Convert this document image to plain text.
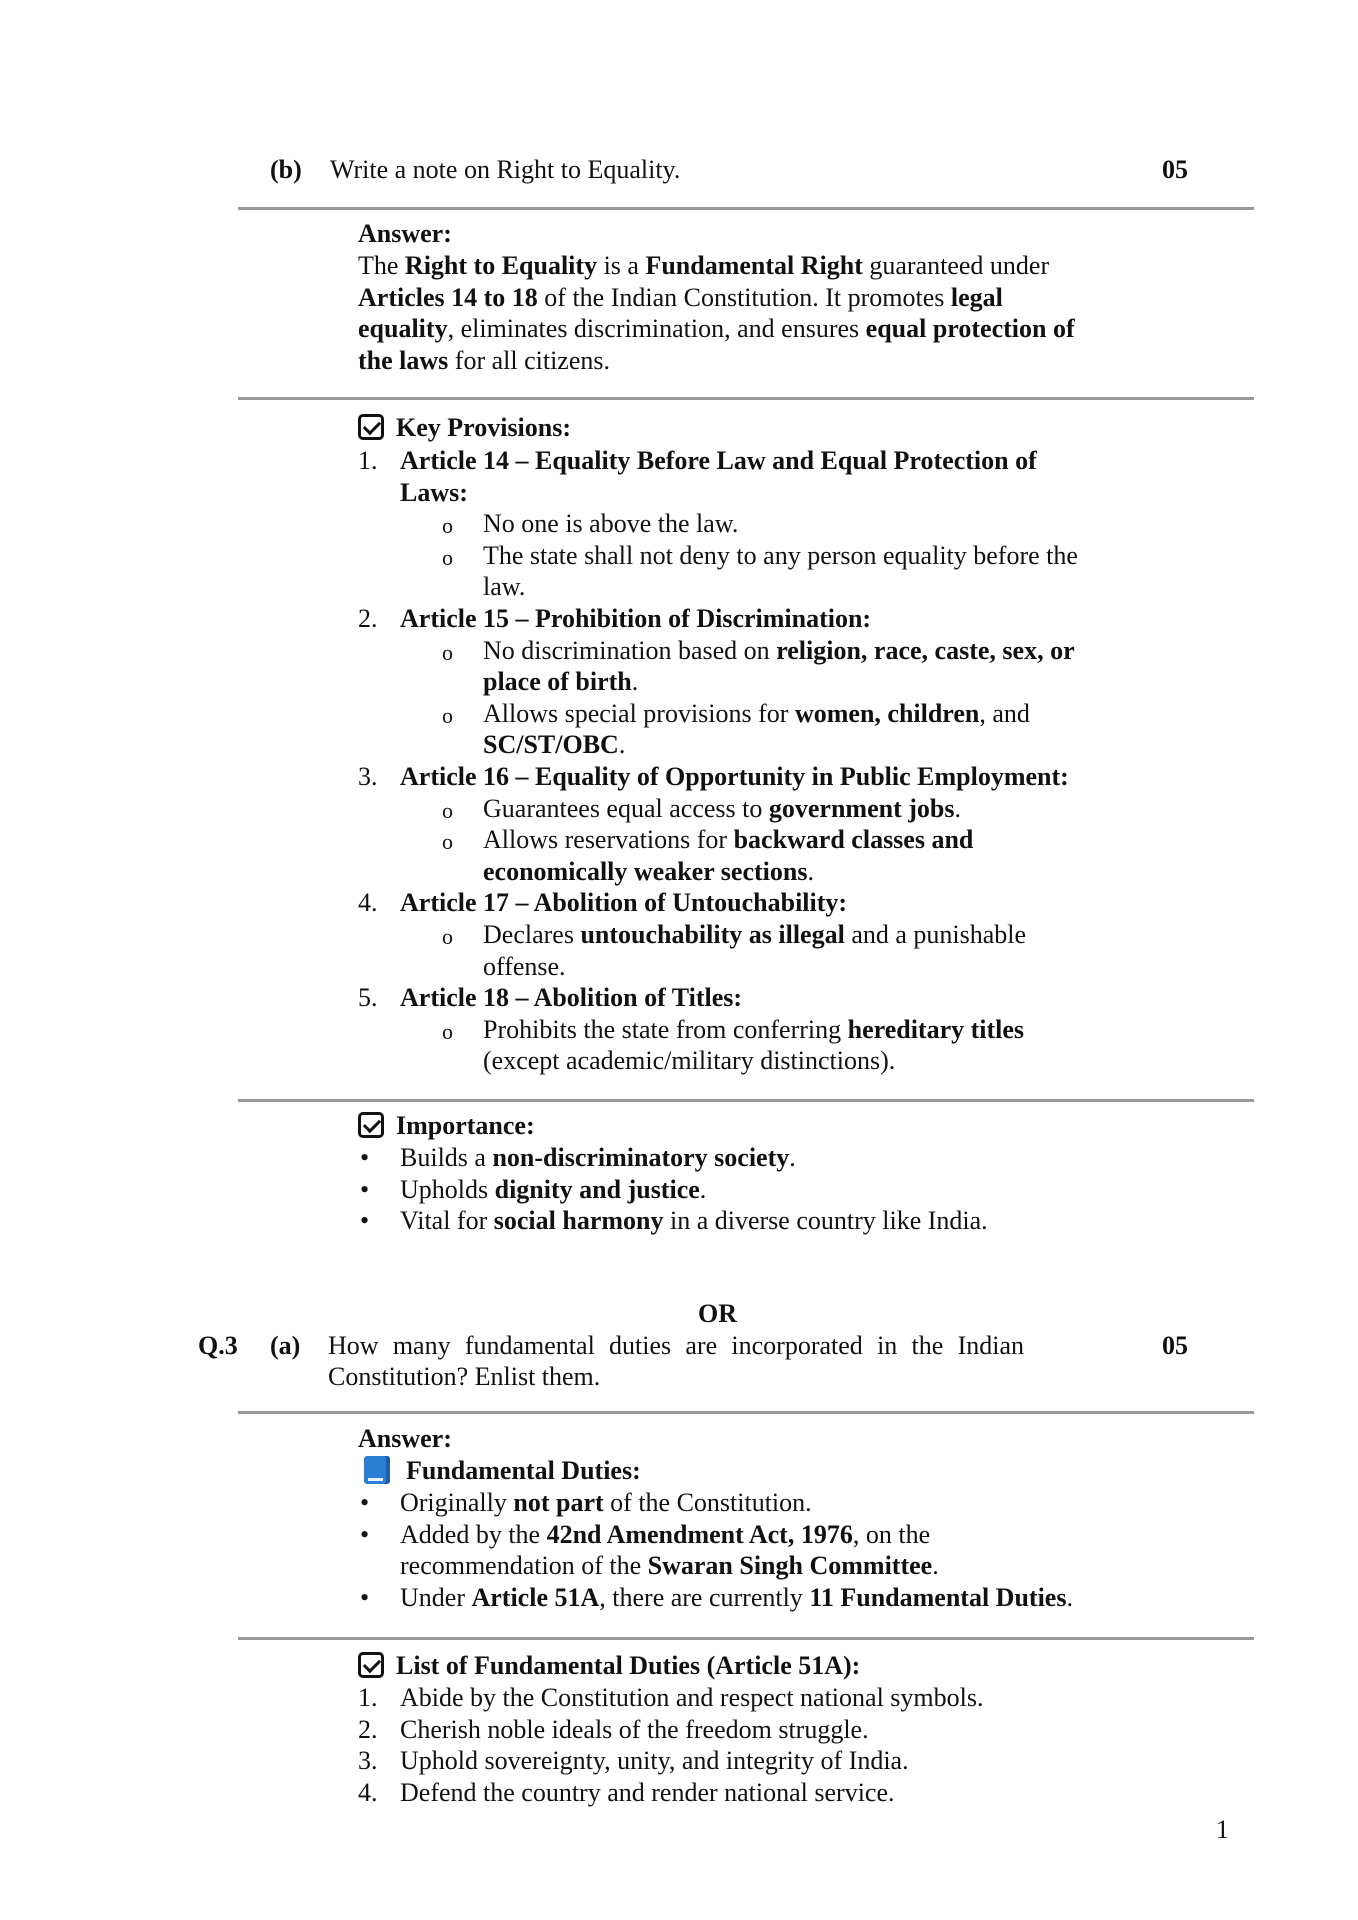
(b) Write a note on Right to Equality.	05
Answer:
The Right to Equality is a Fundamental Right guaranteed under
Articles 14 to 18 of the Indian Constitution. It promotes legal
equality, eliminates discrimination, and ensures equal protection of
the laws for all citizens.
Key Provisions:
1. Article 14 – Equality Before Law and Equal Protection of
Laws:
o No one is above the law.
o The state shall not deny to any person equality before the
law.
2. Article 15 – Prohibition of Discrimination:
o No discrimination based on religion, race, caste, sex, or
place of birth.
o Allows special provisions for women, children, and
SC/ST/OBC.
3. Article 16 – Equality of Opportunity in Public Employment:
o Guarantees equal access to government jobs.
o Allows reservations for backward classes and
economically weaker sections.
4. Article 17 – Abolition of Untouchability:
o Declares untouchability as illegal and a punishable
offense.
5. Article 18 – Abolition of Titles:
o Prohibits the state from conferring hereditary titles
(except academic/military distinctions).
Importance:
• Builds a non-discriminatory society.
• Upholds dignity and justice.
• Vital for social harmony in a diverse country like India.
OR
Q.3 (a) How many fundamental duties are incorporated in the Indian
Constitution? Enlist them.
05
Answer:
Fundamental Duties:
• Originally not part of the Constitution.
• Added by the 42nd Amendment Act, 1976, on the
recommendation of the Swaran Singh Committee.
• Under Article 51A, there are currently 11 Fundamental Duties.
List of Fundamental Duties (Article 51A):
1. Abide by the Constitution and respect national symbols.
2. Cherish noble ideals of the freedom struggle.
3. Uphold sovereignty, unity, and integrity of India.
4. Defend the country and render national service.
1
